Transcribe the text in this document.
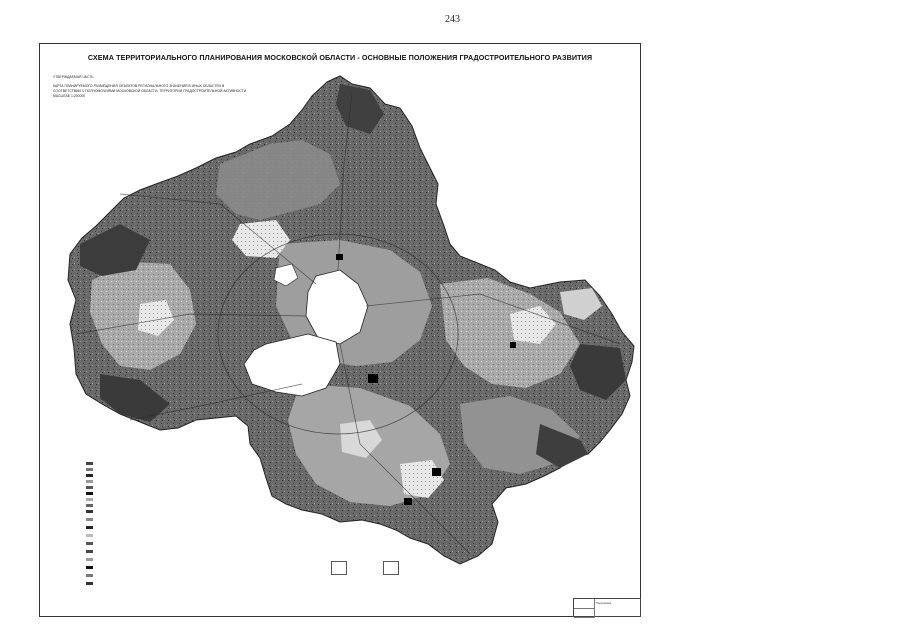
243
СХЕМА ТЕРРИТОРИАЛЬНОГО ПЛАНИРОВАНИЯ МОСКОВСКОЙ ОБЛАСТИ - ОСНОВНЫЕ ПОЛОЖЕНИЯ ГРАДОСТРОИТЕЛЬНОГО РАЗВИТИЯ
УТВЕРЖДАЕМАЯ ЧАСТЬ
КАРТА ПЛАНИРУЕМОГО РАЗМЕЩЕНИЯ ОБЪЕКТОВ РЕГИОНАЛЬНОГО ЗНАЧЕНИЯ В ИНЫХ ОБЛАСТЯХ В СООТВЕТСТВИИ С ПОЛНОМОЧИЯМИ МОСКОВСКОЙ ОБЛАСТИ. ТЕРРИТОРИИ ГРАДОСТРОИТЕЛЬНОЙ АКТИВНОСТИ
МАСШТАБ 1:200000
Приложение
